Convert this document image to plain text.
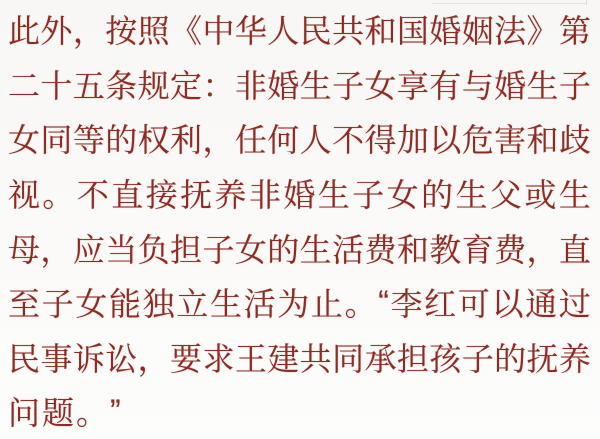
此 外 ， 按 照 《 中 华 人 民 共 和 国 婚 姻 法 》 第
二 十 五 条 规 定 ： 非 婚 生 子 女 享 有 与 婚 生 子
女 同 等 的 权 利 ， 任 何 人 不 得 加 以 危 害 和 歧
视 。 不 直 接 抚 养 非 婚 生 子 女 的 生 父 或 生
母 ， 应 当 负 担 子 女 的 生 活 费 和 教 育 费 ， 直
至 子 女 能 独 立 生 活 为 止 。 “ 李 红 可 以 通 过
民 事 诉 讼 ， 要 求 王 建 共 同 承 担 孩 子 的 抚 养
问 题 。 ”
